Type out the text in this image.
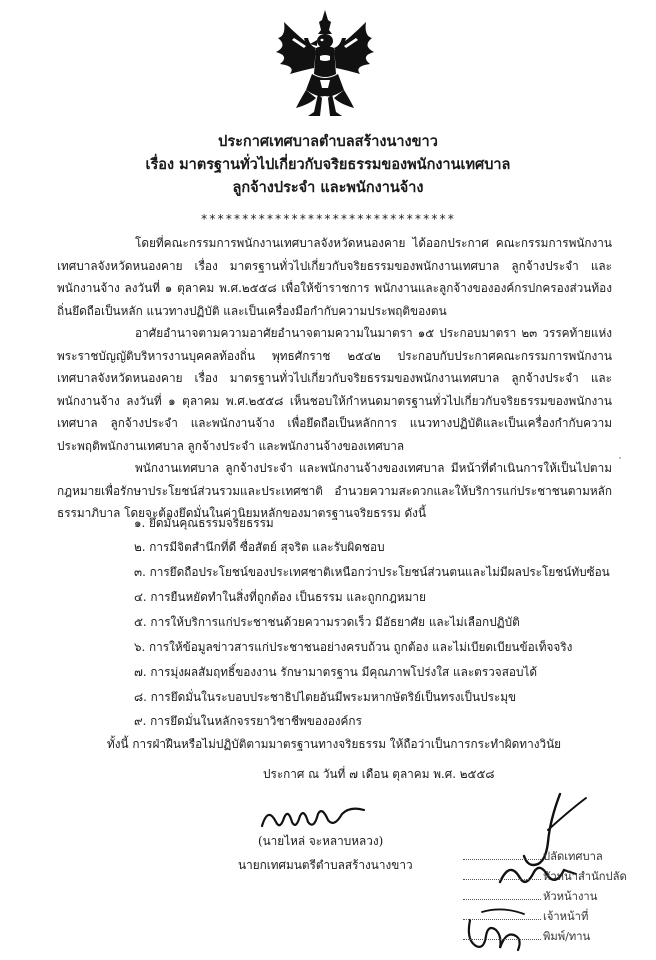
ประกาศเทศบาลตำบลสร้างนางขาว
เรื่อง มาตรฐานทั่วไปเกี่ยวกับจริยธรรมของพนักงานเทศบาล
ลูกจ้างประจำ และพนักงานจ้าง
*******************************

โดยที่คณะกรรมการพนักงานเทศบาลจังหวัดหนองคาย ได้ออกประกาศ คณะกรรมการพนักงานเทศบาลจังหวัดหนองคาย เรื่อง มาตรฐานทั่วไปเกี่ยวกับจริยธรรมของพนักงานเทศบาล ลูกจ้างประจำ และพนักงานจ้าง ลงวันที่ ๑ ตุลาคม พ.ศ.๒๕๕๘ เพื่อให้ข้าราชการ พนักงานและลูกจ้างขององค์กรปกครองส่วนท้องถิ่นยึดถือเป็นหลัก แนวทางปฏิบัติ และเป็นเครื่องมือกำกับความประพฤติของตน

อาศัยอำนาจตามความอาศัยอำนาจตามความในมาตรา ๑๕ ประกอบมาตรา ๒๓ วรรคท้ายแห่งพระราชบัญญัติบริหารงานบุคคลท้องถิ่น พุทธศักราช ๒๕๔๒ ประกอบกับประกาศคณะกรรมการพนักงานเทศบาลจังหวัดหนองคาย เรื่อง มาตรฐานทั่วไปเกี่ยวกับจริยธรรมของพนักงานเทศบาล ลูกจ้างประจำ และพนักงานจ้าง ลงวันที่ ๑ ตุลาคม พ.ศ.๒๕๕๘ เห็นชอบให้กำหนดมาตรฐานทั่วไปเกี่ยวกับจริยธรรมของพนักงานเทศบาล ลูกจ้างประจำ และพนักงานจ้าง เพื่อยึดถือเป็นหลักการ แนวทางปฏิบัติและเป็นเครื่องกำกับความประพฤติพนักงานเทศบาล ลูกจ้างประจำ และพนักงานจ้างของเทศบาล

พนักงานเทศบาล ลูกจ้างประจำ และพนักงานจ้างของเทศบาล มีหน้าที่ดำเนินการให้เป็นไปตามกฎหมายเพื่อรักษาประโยชน์ส่วนรวมและประเทศชาติ อำนวยความสะดวกและให้บริการแก่ประชาชนตามหลักธรรมาภิบาล โดยจะต้องยึดมั่นในค่านิยมหลักของมาตรฐานจริยธรรม ดังนี้

๑. ยึดมั่นคุณธรรมจริยธรรม
๒. การมีจิตสำนึกที่ดี ซื่อสัตย์ สุจริต และรับผิดชอบ
๓. การยึดถือประโยชน์ของประเทศชาติเหนือกว่าประโยชน์ส่วนตนและไม่มีผลประโยชน์ทับซ้อน
๔. การยืนหยัดทำในสิ่งที่ถูกต้อง เป็นธรรม และถูกกฎหมาย
๕. การให้บริการแก่ประชาชนด้วยความรวดเร็ว มีอัธยาศัย และไม่เลือกปฏิบัติ
๖. การให้ข้อมูลข่าวสารแก่ประชาชนอย่างครบถ้วน ถูกต้อง และไม่เบียดเบียนข้อเท็จจริง
๗. การมุ่งผลสัมฤทธิ์ของงาน รักษามาตรฐาน มีคุณภาพโปร่งใส และตรวจสอบได้
๘. การยึดมั่นในระบอบประชาธิปไตยอันมีพระมหากษัตริย์เป็นทรงเป็นประมุข
๙. การยึดมั่นในหลักจรรยาวิชาชีพขององค์กร
ทั้งนี้ การฝ่าฝืนหรือไม่ปฏิบัติตามมาตรฐานทางจริยธรรม ให้ถือว่าเป็นการกระทำผิดทางวินัย
ประกาศ ณ วันที่ ๗ เดือน ตุลาคม พ.ศ. ๒๕๕๘
(นายไหล่ จะหลาบหลวง)
นายกเทศมนตรีตำบลสร้างนางขาว
ปลัดเทศบาล
หัวหน้าสำนักปลัด
หัวหน้างาน
เจ้าหน้าที่
พิมพ์/ทาน
